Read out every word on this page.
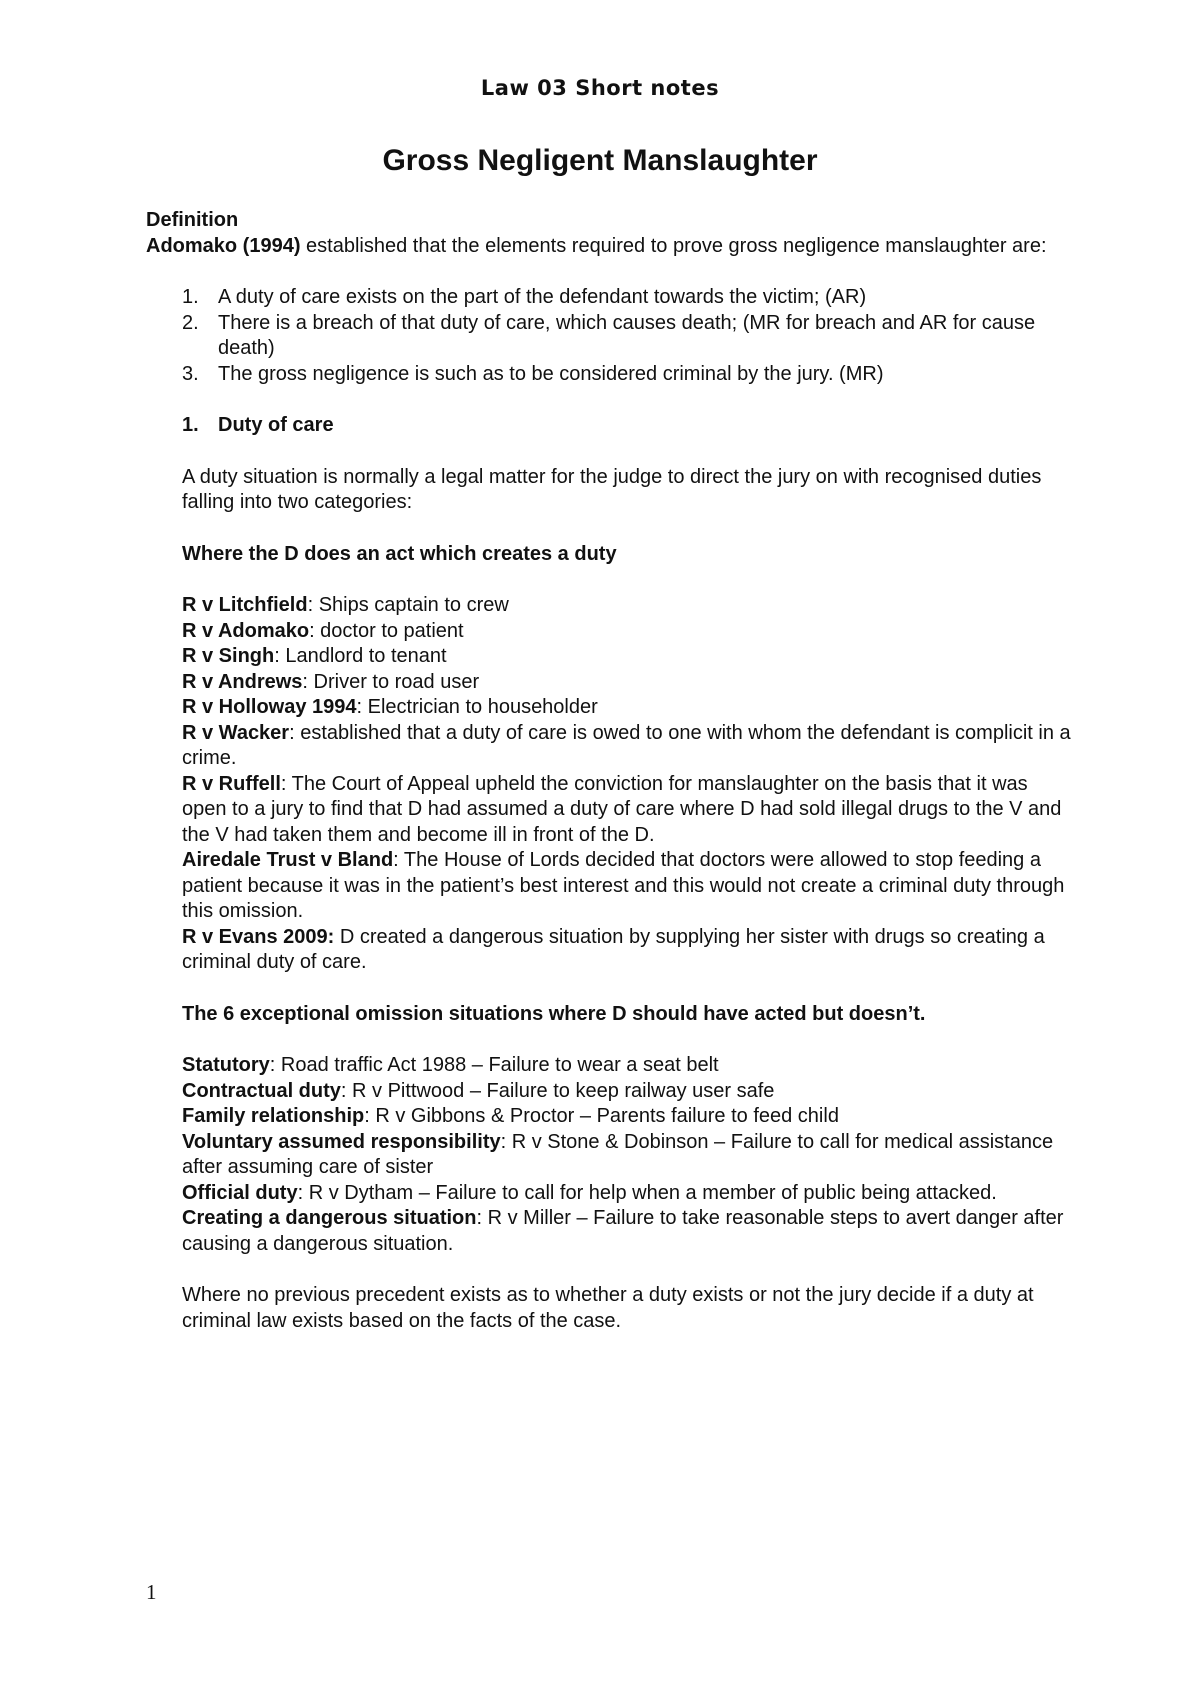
Law 03 Short notes
Gross Negligent Manslaughter

Definition

Adomako (1994) established that the elements required to prove gross negligence manslaughter are:

1. A duty of care exists on the part of the defendant towards the victim; (AR)
2. There is a breach of that duty of care, which causes death; (MR for breach and AR for cause death)
3. The gross negligence is such as to be considered criminal by the jury. (MR)
1. Duty of care

A duty situation is normally a legal matter for the judge to direct the jury on with recognised duties falling into two categories:

Where the D does an act which creates a duty

R v Litchfield: Ships captain to crew

R v Adomako: doctor to patient

R v Singh: Landlord to tenant

R v Andrews: Driver to road user

R v Holloway 1994: Electrician to householder

R v Wacker: established that a duty of care is owed to one with whom the defendant is complicit in a crime.

R v Ruffell: The Court of Appeal upheld the conviction for manslaughter on the basis that it was open to a jury to find that D had assumed a duty of care where D had sold illegal drugs to the V and the V had taken them and become ill in front of the D.

Airedale Trust v Bland: The House of Lords decided that doctors were allowed to stop feeding a patient because it was in the patient’s best interest and this would not create a criminal duty through this omission.

R v Evans 2009: D created a dangerous situation by supplying her sister with drugs so creating a criminal duty of care.

The 6 exceptional omission situations where D should have acted but doesn’t.

Statutory: Road traffic Act 1988 – Failure to wear a seat belt

Contractual duty: R v Pittwood – Failure to keep railway user safe

Family relationship: R v Gibbons & Proctor – Parents failure to feed child

Voluntary assumed responsibility: R v Stone & Dobinson – Failure to call for medical assistance after assuming care of sister

Official duty: R v Dytham – Failure to call for help when a member of public being attacked.

Creating a dangerous situation: R v Miller – Failure to take reasonable steps to avert danger after causing a dangerous situation.

Where no previous precedent exists as to whether a duty exists or not the jury decide if a duty at criminal law exists based on the facts of the case.

1
